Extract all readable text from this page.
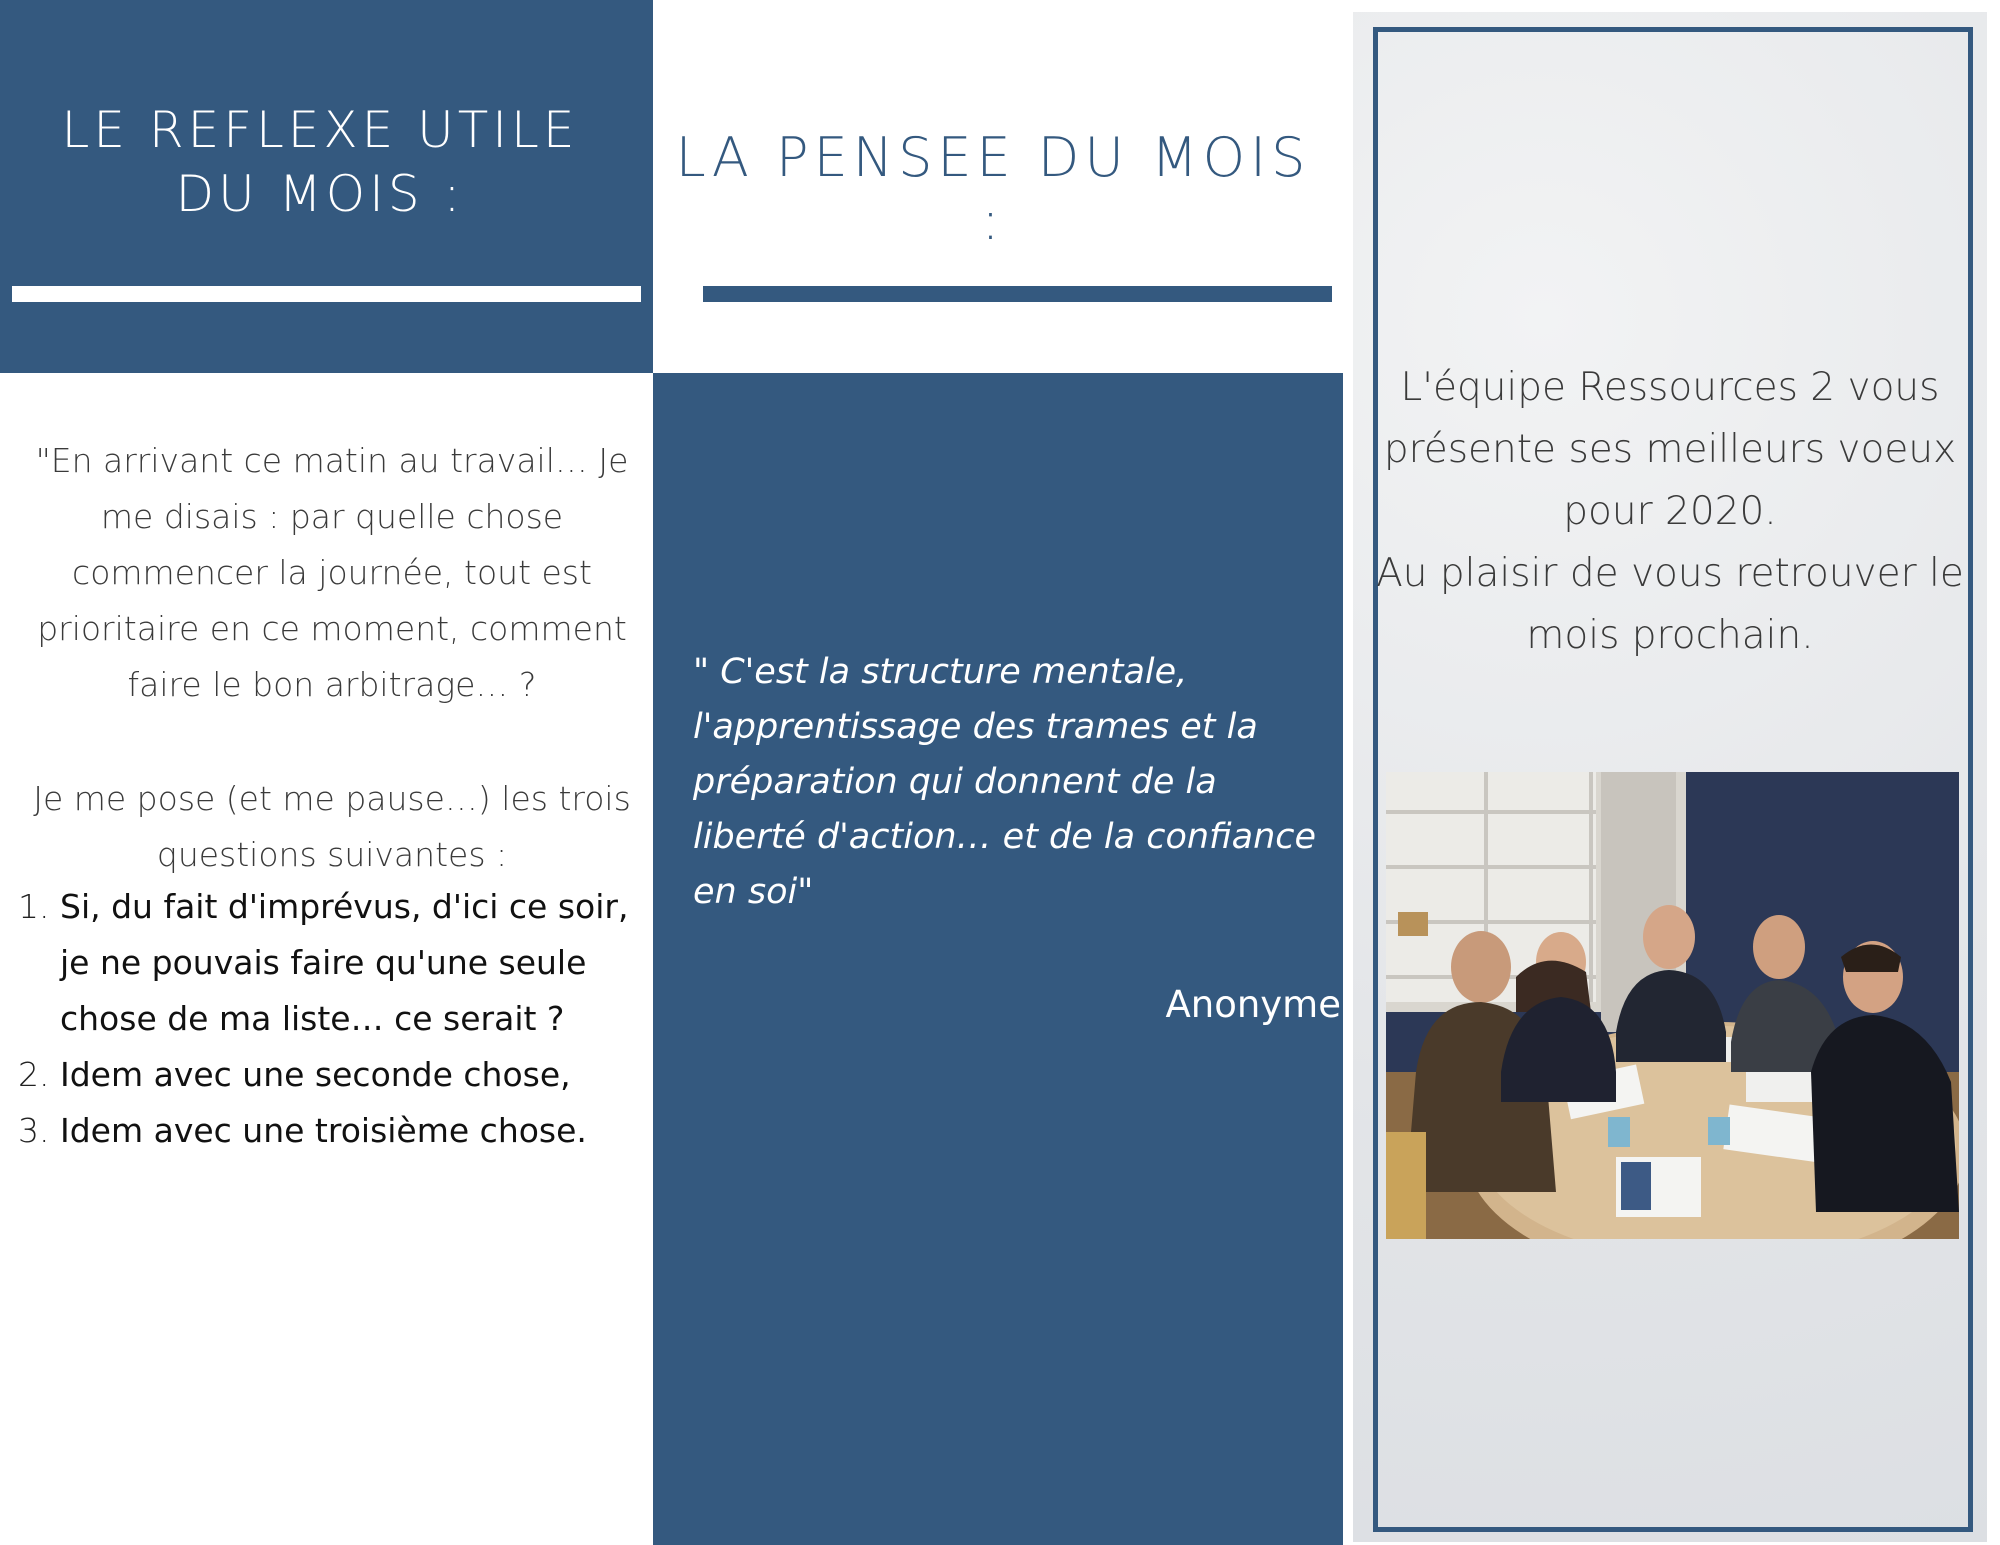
LE REFLEXE UTILE
DU MOIS :
LA PENSEE DU MOIS :
"En arrivant ce matin au travail… Je me disais : par quelle chose commencer la journée, tout est prioritaire en ce moment, comment faire le bon arbitrage… ?
Je me pose (et me pause…) les trois questions suivantes :
1. Si, du fait d'imprévus, d'ici ce soir, je ne pouvais faire qu'une seule chose de ma liste… ce serait ?
2. Idem avec une seconde chose,
3. Idem avec une troisième chose.
" C'est la structure mentale, l'apprentissage des trames et la préparation qui donnent de la liberté d'action… et de la confiance en soi"
Anonyme
L'équipe Ressources 2 vous présente ses meilleurs voeux pour 2020.
Au plaisir de vous retrouver le mois prochain.
